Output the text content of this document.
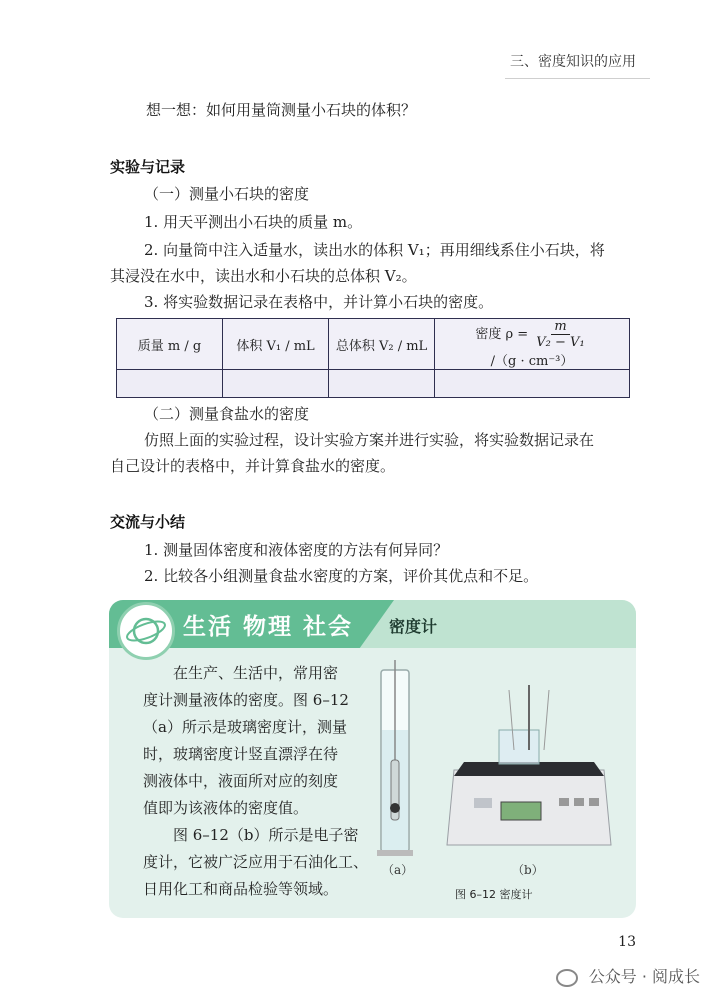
三、密度知识的应用
想一想：如何用量筒测量小石块的体积？
实验与记录
（一）测量小石块的密度
1. 用天平测出小石块的质量 m。
2. 向量筒中注入适量水，读出水的体积 V₁；再用细线系住小石块，将
其浸没在水中，读出水和小石块的总体积 V₂。
3. 将实验数据记录在表格中，并计算小石块的密度。
质量 m / g	体积 V₁ / mL	总体积 V₂ / mL	密度 $\rho = \frac{m}{\text{V₂ − V₁}}$
/（g · cm⁻³）

（二）测量食盐水的密度
仿照上面的实验过程，设计实验方案并进行实验，将实验数据记录在
自己设计的表格中，并计算食盐水的密度。
交流与小结
1. 测量固体密度和液体密度的方法有何异同？
2. 比较各小组测量食盐水密度的方案，评价其优点和不足。
生活 物理 社会 密度计
在生产、生活中，常用密
度计测量液体的密度。图 6–12
（a）所示是玻璃密度计，测量
时，玻璃密度计竖直漂浮在待
测液体中，液面所对应的刻度
值即为该液体的密度值。
图 6–12（b）所示是电子密
度计，它被广泛应用于石油化工、
日用化工和商品检验等领域。
（a）	（b）
图 6–12 密度计
13
公众号 · 阅成长
